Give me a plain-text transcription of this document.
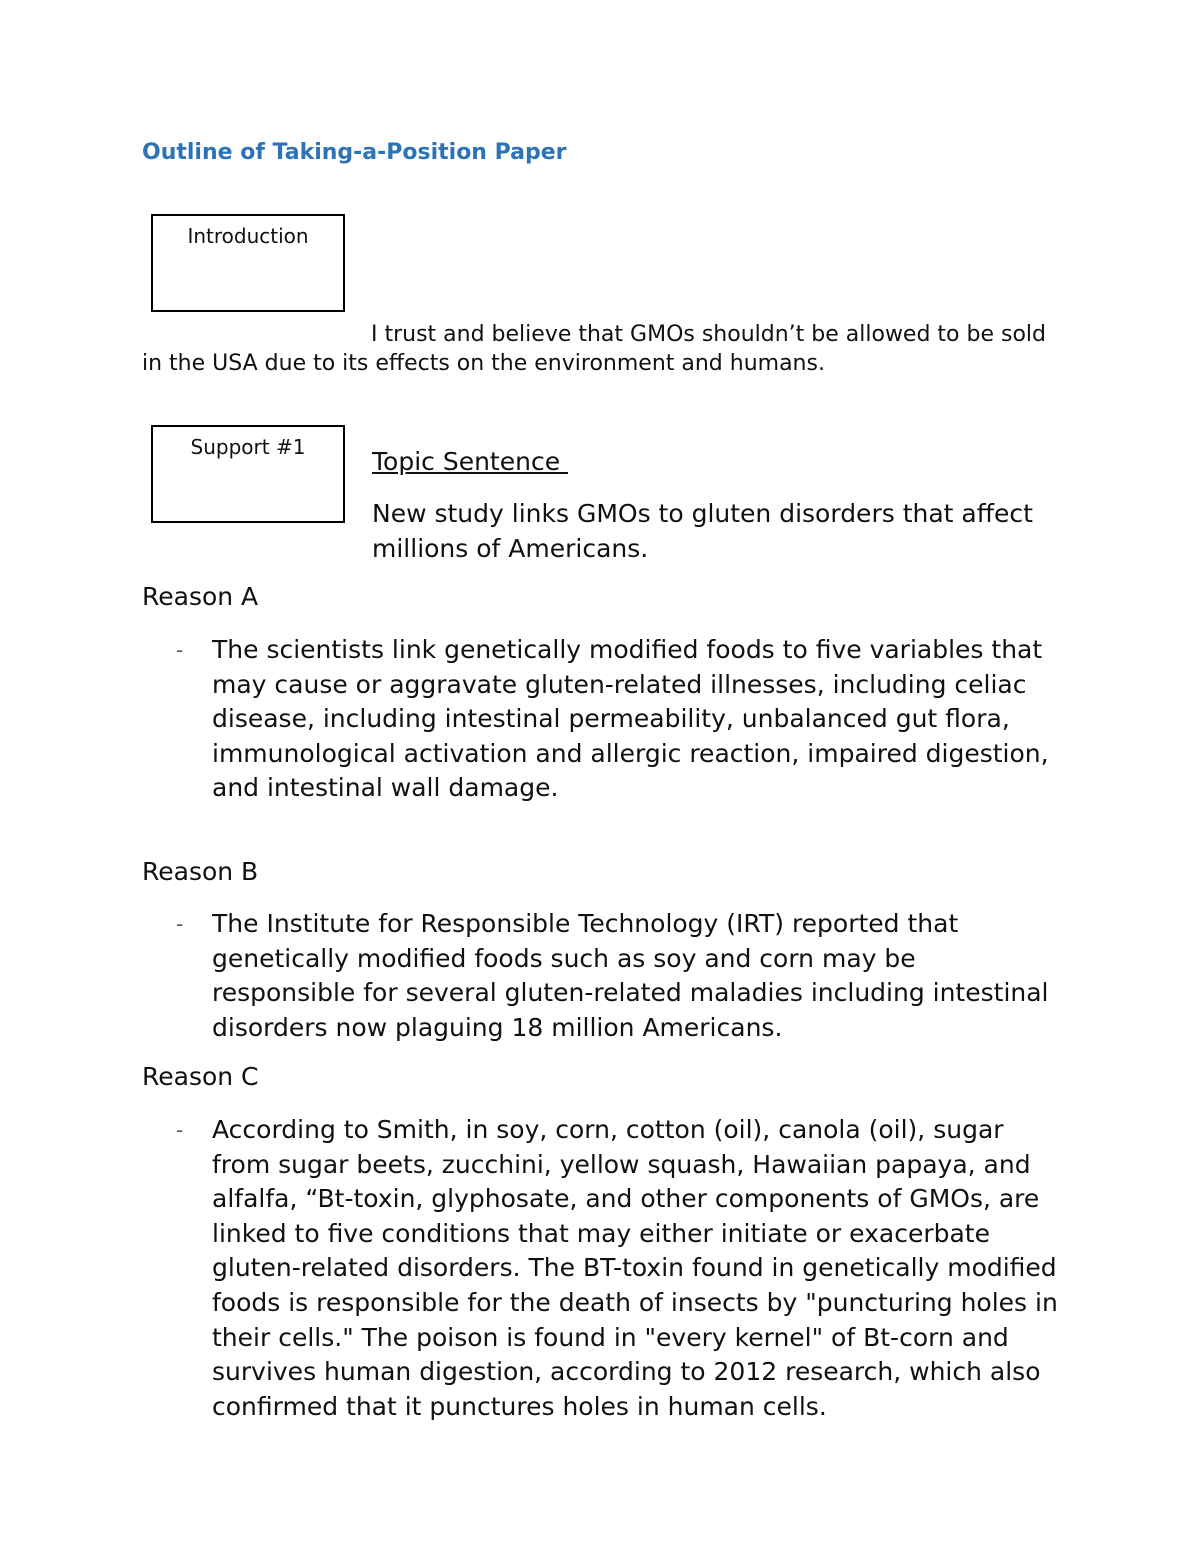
Outline of Taking-a-Position Paper
Introduction
I trust and believe that GMOs shouldn’t be allowed to be sold in the USA due to its effects on the environment and humans.
Support #1	Topic Sentence
New study links GMOs to gluten disorders that affect millions of Americans.
Reason A
- The scientists link genetically modified foods to five variables that may cause or aggravate gluten-related illnesses, including celiac disease, including intestinal permeability, unbalanced gut flora, immunological activation and allergic reaction, impaired digestion, and intestinal wall damage.
Reason B
- The Institute for Responsible Technology (IRT) reported that genetically modified foods such as soy and corn may be responsible for several gluten-related maladies including intestinal disorders now plaguing 18 million Americans.
Reason C
- According to Smith, in soy, corn, cotton (oil), canola (oil), sugar from sugar beets, zucchini, yellow squash, Hawaiian papaya, and alfalfa, “Bt-toxin, glyphosate, and other components of GMOs, are linked to five conditions that may either initiate or exacerbate gluten-related disorders. The BT-toxin found in genetically modified foods is responsible for the death of insects by "puncturing holes in their cells." The poison is found in "every kernel" of Bt-corn and survives human digestion, according to 2012 research, which also confirmed that it punctures holes in human cells.
